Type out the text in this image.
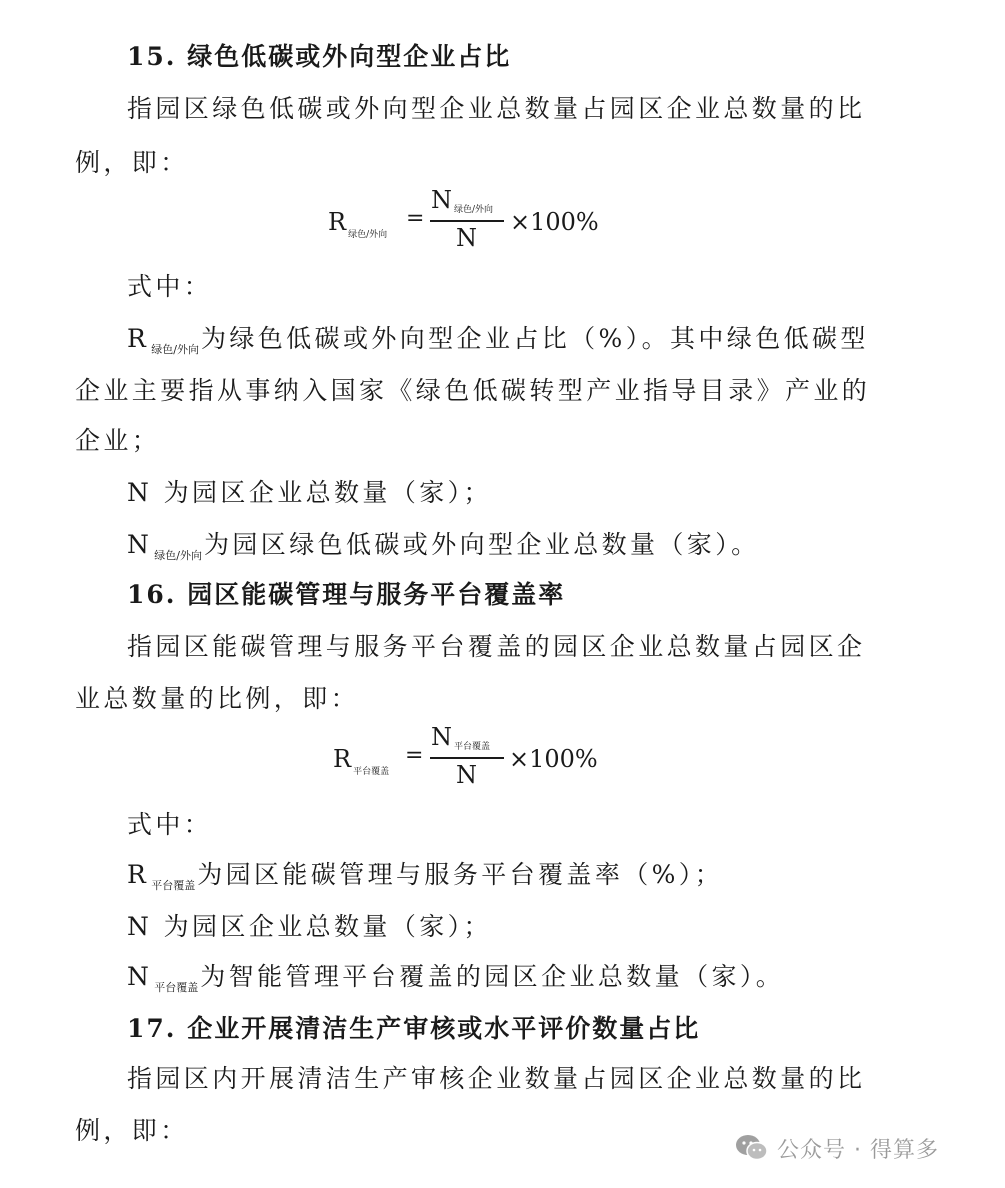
15. 绿色低碳或外向型企业占比
指园区绿色低碳或外向型企业总数量占园区企业总数量的比
例，即：
R $_{绿色/外向}$
=
N $_{绿色/外向}$
N
×100%
式中：
R $_{绿色/外向}$为绿色低碳或外向型企业占比（%）。其中绿色低碳型
企业主要指从事纳入国家《绿色低碳转型产业指导目录》产业的
企业；
N 为园区企业总数量（家）；
N $_{绿色/外向}$为园区绿色低碳或外向型企业总数量（家）。
16. 园区能碳管理与服务平台覆盖率
指园区能碳管理与服务平台覆盖的园区企业总数量占园区企
业总数量的比例，即：
R $_{平台覆盖}$
=
N $_{平台覆盖}$
N
×100%
式中：
R $_{平台覆盖}$为园区能碳管理与服务平台覆盖率（%）；
N 为园区企业总数量（家）；
N $_{平台覆盖}$为智能管理平台覆盖的园区企业总数量（家）。
17. 企业开展清洁生产审核或水平评价数量占比
指园区内开展清洁生产审核企业数量占园区企业总数量的比
例，即：
公众号 · 得算多
